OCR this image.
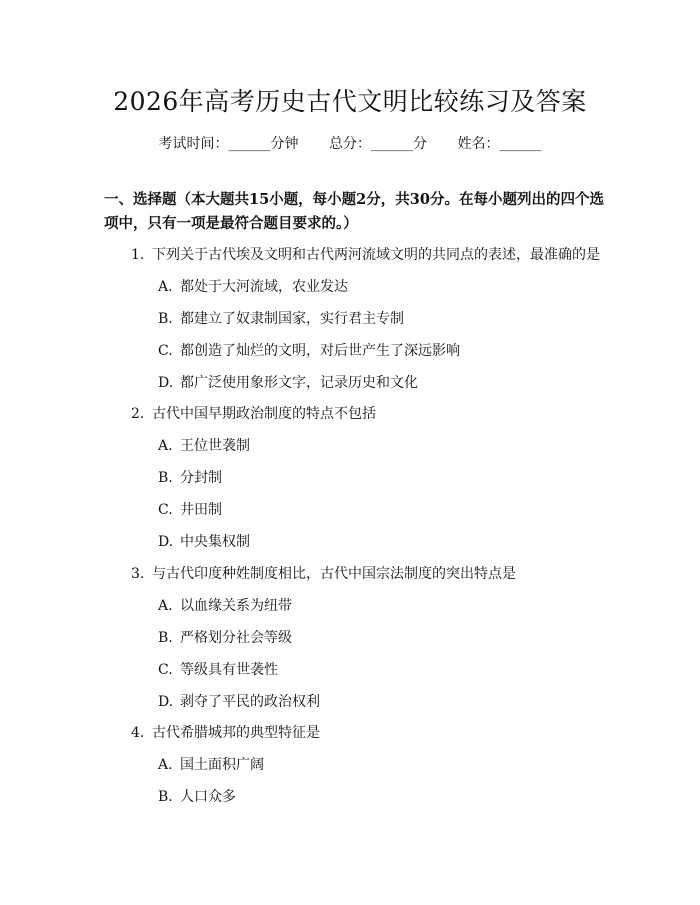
2026年高考历史古代文明比较练习及答案
考试时间：______分钟 总分：______分 姓名：______
一、选择题（本大题共15小题，每小题2分，共30分。在每小题列出的四个选项中，只有一项是最符合题目要求的。）
1. 下列关于古代埃及文明和古代两河流域文明的共同点的表述，最准确的是
A. 都处于大河流域，农业发达
B. 都建立了奴隶制国家，实行君主专制
C. 都创造了灿烂的文明，对后世产生了深远影响
D. 都广泛使用象形文字，记录历史和文化
2. 古代中国早期政治制度的特点不包括
A. 王位世袭制
B. 分封制
C. 井田制
D. 中央集权制
3. 与古代印度种姓制度相比，古代中国宗法制度的突出特点是
A. 以血缘关系为纽带
B. 严格划分社会等级
C. 等级具有世袭性
D. 剥夺了平民的政治权利
4. 古代希腊城邦的典型特征是
A. 国土面积广阔
B. 人口众多
